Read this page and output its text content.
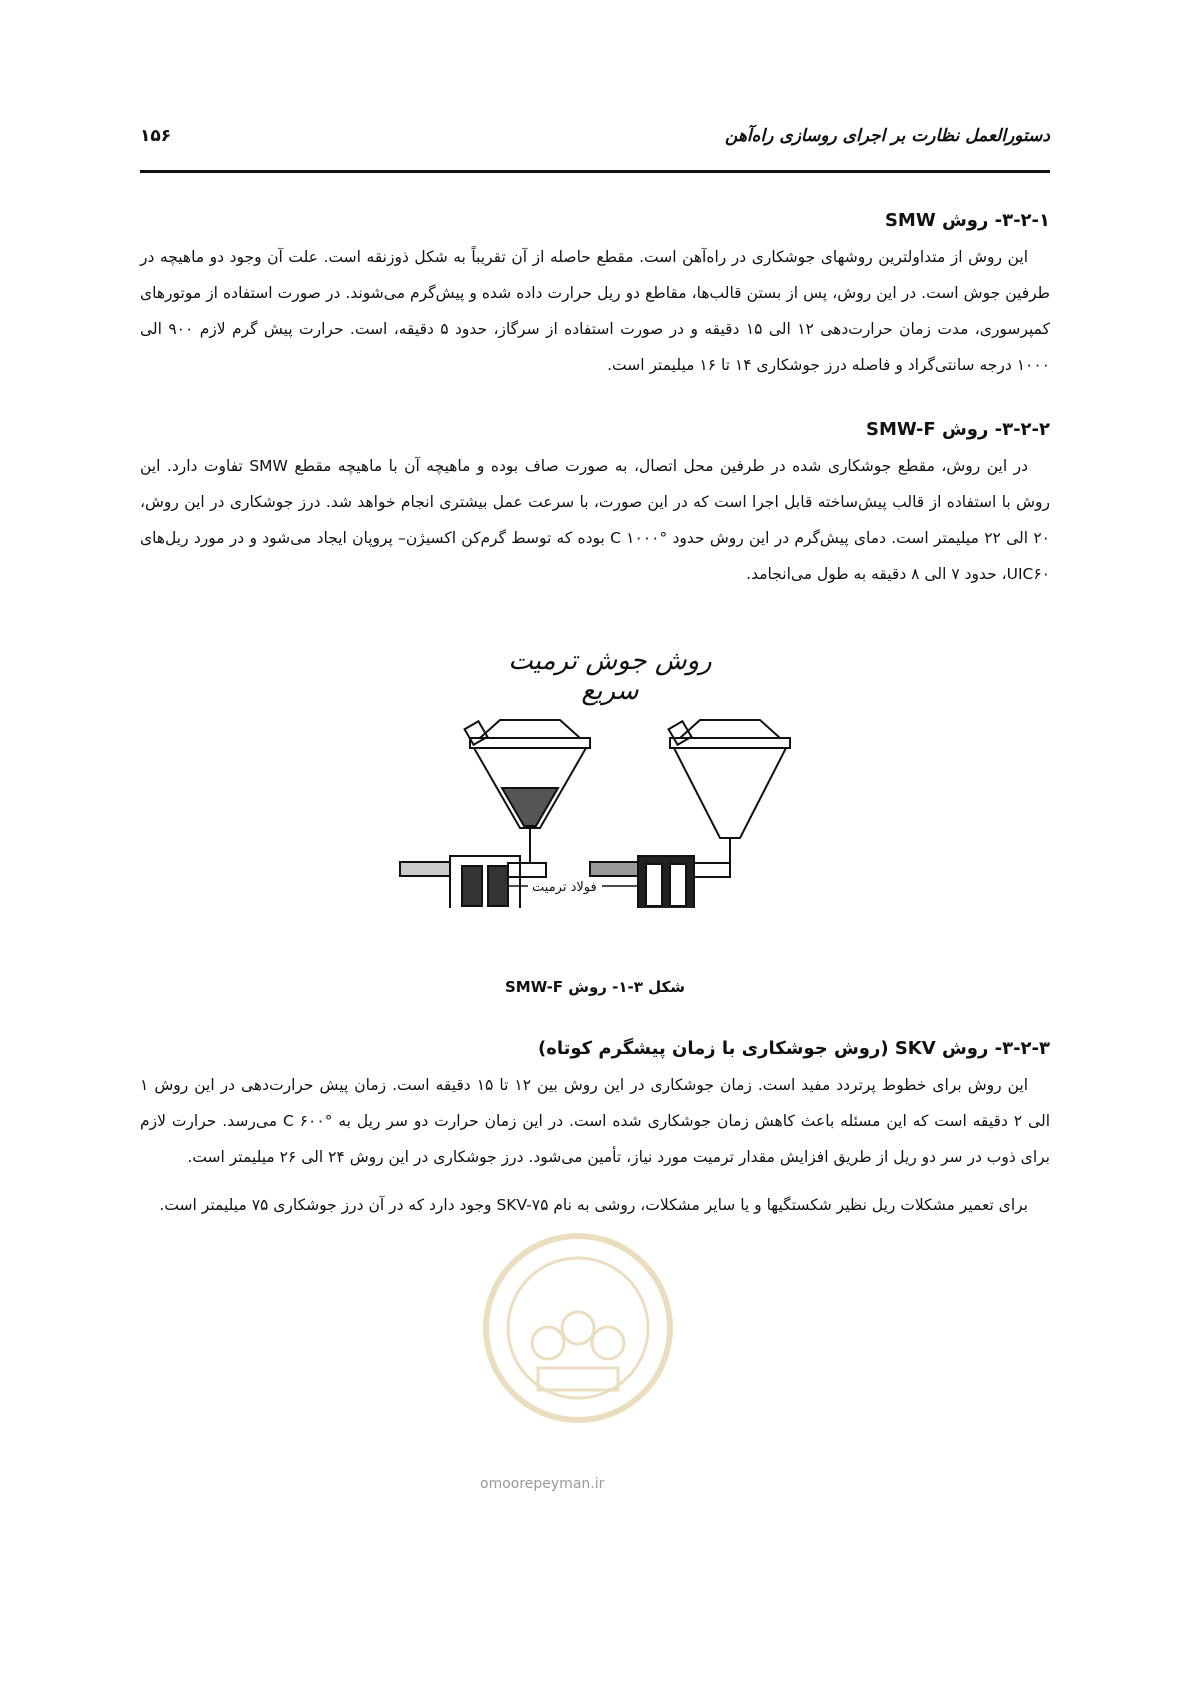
دستورالعمل نظارت بر اجرای روسازی راه‌آهن
۱۵۶
۳-۲-۱- روش SMW

این روش از متداولترین روشهای جوشکاری در راه‌آهن است. مقطع حاصله از آن تقریباً به شکل ذوزنقه است. علت آن وجود دو ماهیچه در طرفین جوش است. در این روش، پس از بستن قالب‌ها، مقاطع دو ریل حرارت داده شده و پیش‌گرم می‌شوند. در صورت استفاده از موتورهای کمپرسوری، مدت زمان حرارت‌دهی ۱۲ الی ۱۵ دقیقه و در صورت استفاده از سرگاز، حدود ۵ دقیقه، است. حرارت پیش گرم لازم ۹۰۰ الی ۱۰۰۰ درجه سانتی‌گراد و فاصله درز جوشکاری ۱۴ تا ۱۶ میلیمتر است.

۳-۲-۲- روش SMW-F

در این روش، مقطع جوشکاری شده در طرفین محل اتصال، به صورت صاف بوده و ماهیچه آن با ماهیچه مقطع SMW تفاوت دارد. این روش با استفاده از قالب پیش‌ساخته قابل اجرا است که در این صورت، با سرعت عمل بیشتری انجام خواهد شد. درز جوشکاری در این روش، ۲۰ الی ۲۲ میلیمتر است. دمای پیش‌گرم در این روش حدود °C ۱۰۰۰ بوده که توسط گرم‌کن اکسیژن– پروپان ایجاد می‌شود و در مورد ریل‌های UIC۶۰، حدود ۷ الی ۸ دقیقه به طول می‌انجامد.

روش جوش ترمیت سریع
فولاد ترمیت
شکل ۳-۱- روش SMW-F
۳-۲-۳- روش SKV (روش جوشکاری با زمان پیشگرم کوتاه)

این روش برای خطوط پرتردد مفید است. زمان جوشکاری در این روش بین ۱۲ تا ۱۵ دقیقه است. زمان پیش حرارت‌دهی در این روش ۱ الی ۲ دقیقه است که این مسئله باعث کاهش زمان جوشکاری شده است. در این زمان حرارت دو سر ریل به °C ۶۰۰ می‌رسد. حرارت لازم برای ذوب در سر دو ریل از طریق افزایش مقدار ترمیت مورد نیاز، تأمین می‌شود. درز جوشکاری در این روش ۲۴ الی ۲۶ میلیمتر است.

برای تعمیر مشکلات ریل نظیر شکستگیها و یا سایر مشکلات، روشی به نام SKV-۷۵ وجود دارد که در آن درز جوشکاری ۷۵ میلیمتر است.

omoorepeyman.ir
